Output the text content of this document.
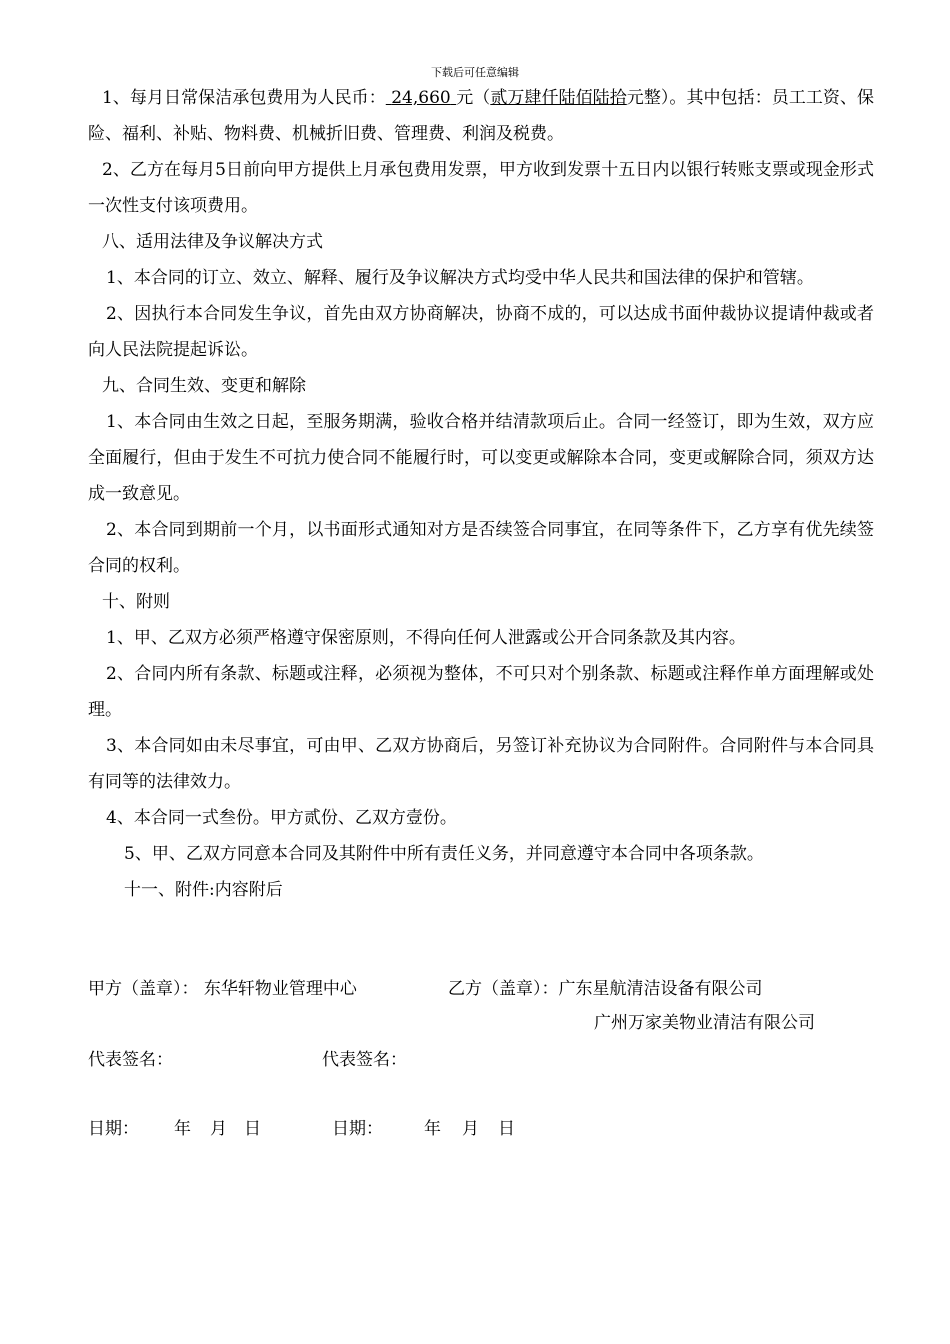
下载后可任意编辑

1、每月日常保洁承包费用为人民币： 24,660 元（贰万肆仟陆佰陆拾元整）。其中包括：员工工资、保险、福利、补贴、物料费、机械折旧费、管理费、利润及税费。

2、乙方在每月5日前向甲方提供上月承包费用发票，甲方收到发票十五日内以银行转账支票或现金形式一次性支付该项费用。

八、适用法律及争议解决方式

1、本合同的订立、效立、解释、履行及争议解决方式均受中华人民共和国法律的保护和管辖。

2、因执行本合同发生争议，首先由双方协商解决，协商不成的，可以达成书面仲裁协议提请仲裁或者向人民法院提起诉讼。

九、合同生效、变更和解除

1、本合同由生效之日起，至服务期满，验收合格并结清款项后止。合同一经签订，即为生效，双方应全面履行，但由于发生不可抗力使合同不能履行时，可以变更或解除本合同，变更或解除合同，须双方达成一致意见。

2、本合同到期前一个月，以书面形式通知对方是否续签合同事宜，在同等条件下，乙方享有优先续签合同的权利。

十、附则

1、甲、乙双方必须严格遵守保密原则，不得向任何人泄露或公开合同条款及其内容。

2、合同内所有条款、标题或注释，必须视为整体，不可只对个别条款、标题或注释作单方面理解或处理。

3、本合同如由未尽事宜，可由甲、乙双方协商后，另签订补充协议为合同附件。合同附件与本合同具有同等的法律效力。

4、本合同一式叁份。甲方贰份、乙双方壹份。

5、甲、乙双方同意本合同及其附件中所有责任义务，并同意遵守本合同中各项条款。

十一、附件:内容附后

甲方（盖章）： 东华轩物业管理中心	乙方（盖章）：广东星航清洁设备有限公司
广州万家美物业清洁有限公司
代表签名：	代表签名：
日期： 年 月 日	日期： 年 月 日
